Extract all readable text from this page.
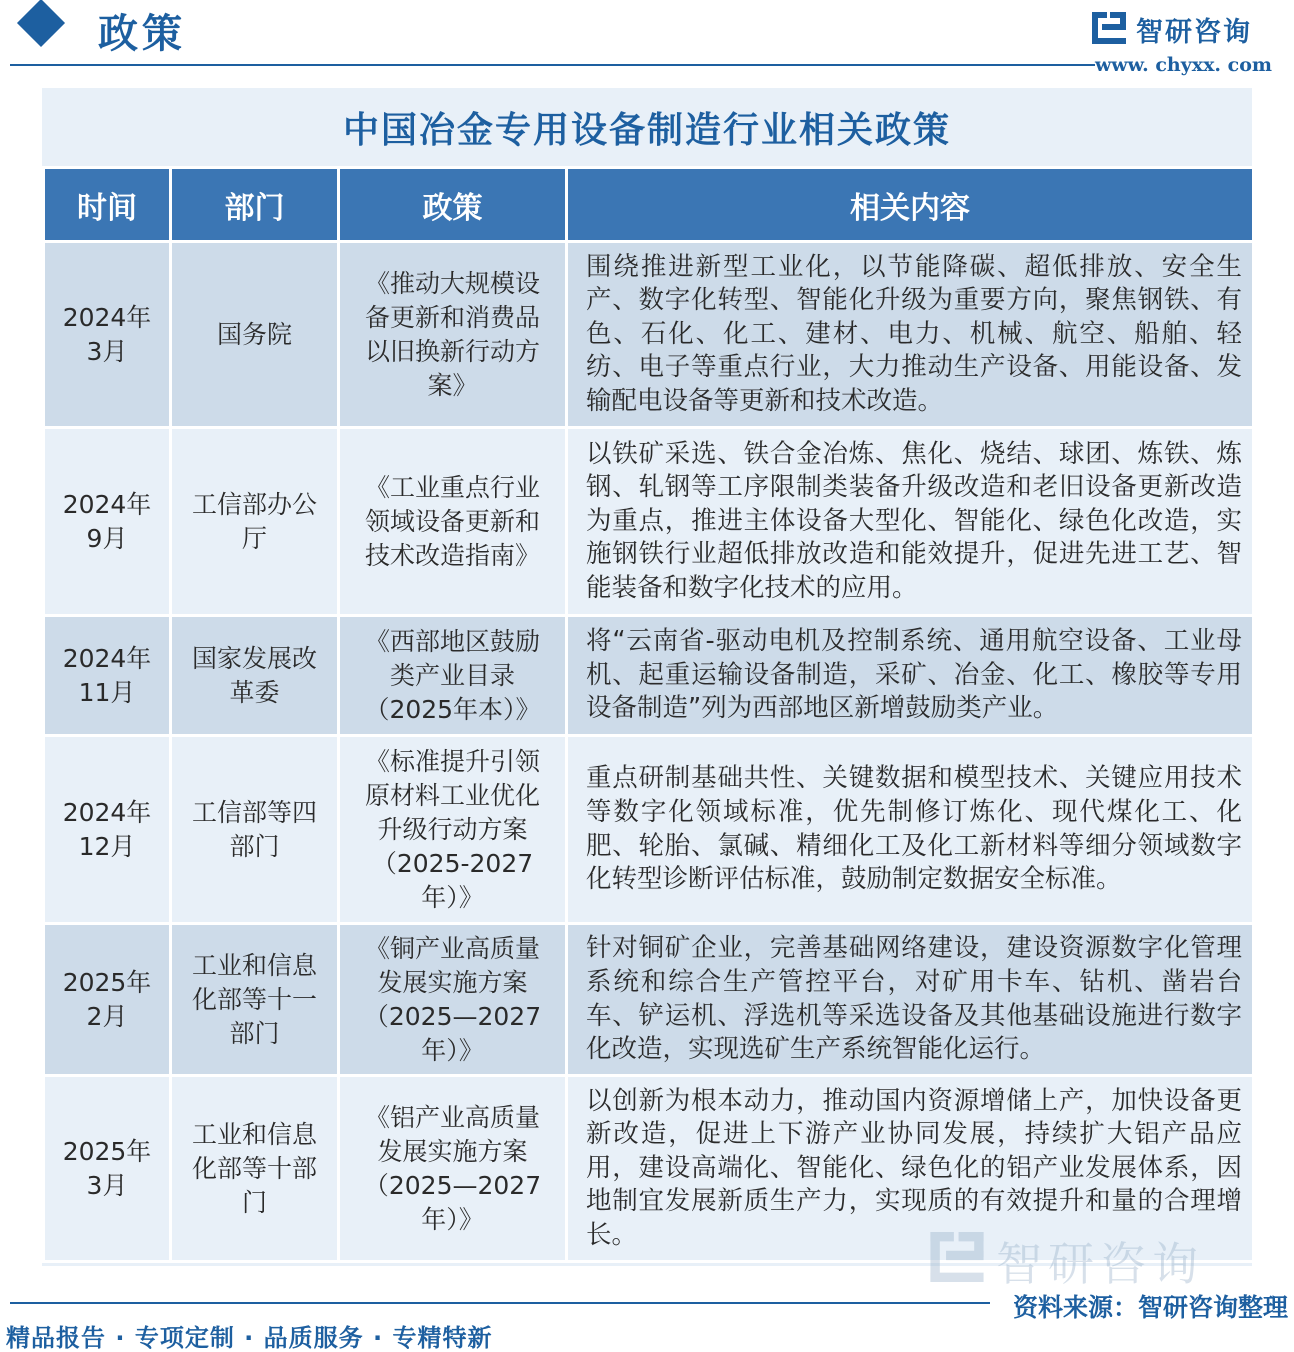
政策	智研咨询
www. chyxx. com
中国冶金专用设备制造行业相关政策
时间	部门	政策	相关内容
2024年3月	国务院	《推动大规模设备更新和消费品以旧换新行动方案》	围绕推进新型工业化，以节能降碳、超低排放、安全生产、数字化转型、智能化升级为重要方向，聚焦钢铁、有色、石化、化工、建材、电力、机械、航空、船舶、轻纺、电子等重点行业，大力推动生产设备、用能设备、发输配电设备等更新和技术改造。
2024年9月	工信部办公厅	《工业重点行业领域设备更新和技术改造指南》	以铁矿采选、铁合金冶炼、焦化、烧结、球团、炼铁、炼钢、轧钢等工序限制类装备升级改造和老旧设备更新改造为重点，推进主体设备大型化、智能化、绿色化改造，实施钢铁行业超低排放改造和能效提升，促进先进工艺、智能装备和数字化技术的应用。
2024年11月	国家发展改革委	《西部地区鼓励类产业目录（2025年本）》	将“云南省-驱动电机及控制系统、通用航空设备、工业母机、起重运输设备制造，采矿、冶金、化工、橡胶等专用设备制造”列为西部地区新增鼓励类产业。
2024年12月	工信部等四部门	《标准提升引领原材料工业优化升级行动方案（2025-2027年）》	重点研制基础共性、关键数据和模型技术、关键应用技术等数字化领域标准，优先制修订炼化、现代煤化工、化肥、轮胎、氯碱、精细化工及化工新材料等细分领域数字化转型诊断评估标准，鼓励制定数据安全标准。
2025年2月	工业和信息化部等十一部门	《铜产业高质量发展实施方案（2025—2027年）》	针对铜矿企业，完善基础网络建设，建设资源数字化管理系统和综合生产管控平台，对矿用卡车、钻机、凿岩台车、铲运机、浮选机等采选设备及其他基础设施进行数字化改造，实现选矿生产系统智能化运行。
2025年3月	工业和信息化部等十部门	《铝产业高质量发展实施方案（2025—2027年）》	以创新为根本动力，推动国内资源增储上产，加快设备更新改造，促进上下游产业协同发展，持续扩大铝产品应用，建设高端化、智能化、绿色化的铝产业发展体系，因地制宜发展新质生产力，实现质的有效提升和量的合理增长。
智研咨询
资料来源：智研咨询整理
精品报告 · 专项定制 · 品质服务 · 专精特新
